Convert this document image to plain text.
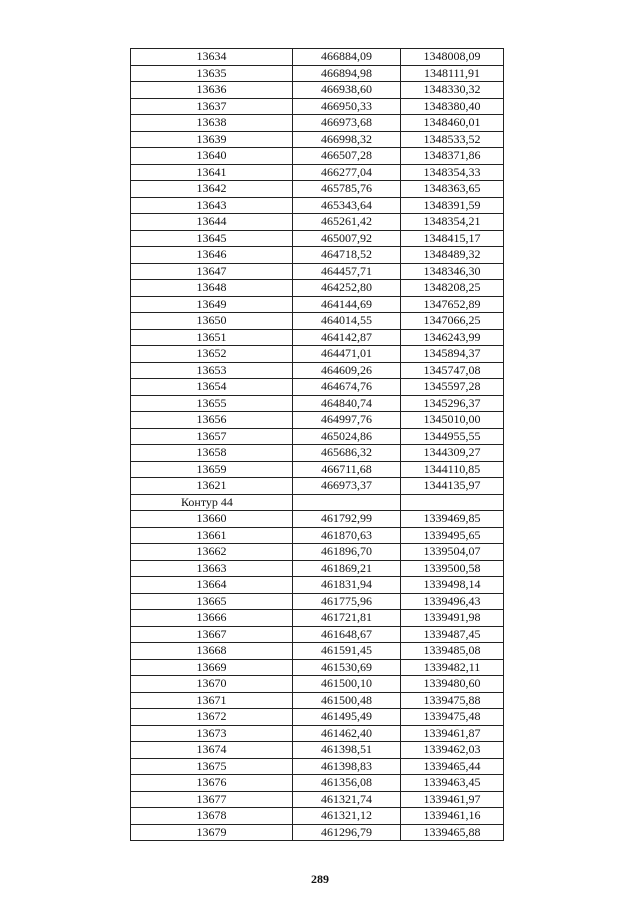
13634	466884,09	1348008,09
13635	466894,98	1348111,91
13636	466938,60	1348330,32
13637	466950,33	1348380,40
13638	466973,68	1348460,01
13639	466998,32	1348533,52
13640	466507,28	1348371,86
13641	466277,04	1348354,33
13642	465785,76	1348363,65
13643	465343,64	1348391,59
13644	465261,42	1348354,21
13645	465007,92	1348415,17
13646	464718,52	1348489,32
13647	464457,71	1348346,30
13648	464252,80	1348208,25
13649	464144,69	1347652,89
13650	464014,55	1347066,25
13651	464142,87	1346243,99
13652	464471,01	1345894,37
13653	464609,26	1345747,08
13654	464674,76	1345597,28
13655	464840,74	1345296,37
13656	464997,76	1345010,00
13657	465024,86	1344955,55
13658	465686,32	1344309,27
13659	466711,68	1344110,85
13621	466973,37	1344135,97
Контур 44		
13660	461792,99	1339469,85
13661	461870,63	1339495,65
13662	461896,70	1339504,07
13663	461869,21	1339500,58
13664	461831,94	1339498,14
13665	461775,96	1339496,43
13666	461721,81	1339491,98
13667	461648,67	1339487,45
13668	461591,45	1339485,08
13669	461530,69	1339482,11
13670	461500,10	1339480,60
13671	461500,48	1339475,88
13672	461495,49	1339475,48
13673	461462,40	1339461,87
13674	461398,51	1339462,03
13675	461398,83	1339465,44
13676	461356,08	1339463,45
13677	461321,74	1339461,97
13678	461321,12	1339461,16
13679	461296,79	1339465,88
289
